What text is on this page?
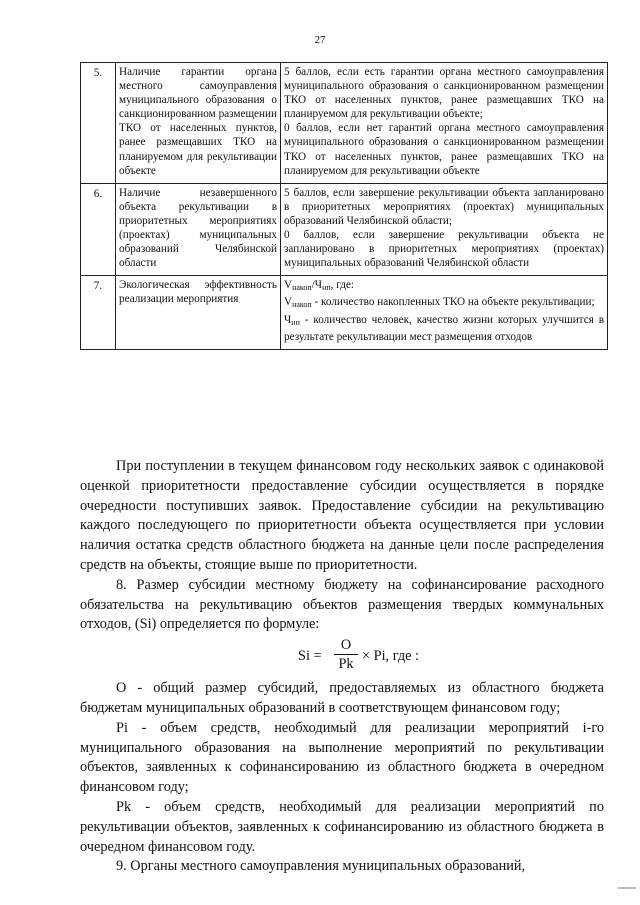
27
5.	Наличие гарантии органа местного самоуправления муниципального образования о санкционированном размещении ТКО от населенных пунктов, ранее размещавших ТКО на планируемом для рекультивации объекте	5 баллов, если есть гарантии органа местного самоуправления муниципального образования о санкционированном размещении ТКО от населенных пунктов, ранее размещавших ТКО на планируемом для рекультивации объекте;

0 баллов, если нет гарантий органа местного самоуправления муниципального образования о санкционированном размещении ТКО от населенных пунктов, ранее размещавших ТКО на планируемом для рекультивации объекте

6.	Наличие незавершенного объекта рекультивации в приоритетных мероприятиях (проектах) муниципальных образований Челябинской области	5 баллов, если завершение рекультивации объекта запланировано в приоритетных мероприятиях (проектах) муниципальных образований Челябинской области;

0 баллов, если завершение рекультивации объекта не запланировано в приоритетных мероприятиях (проектах) муниципальных образований Челябинской области

7.	Экологическая эффективность реализации мероприятия	$V_{накоп}/Ч_{нп}$, где:

$V_{накоп}$ - количество накопленных ТКО на объекте рекультивации;

$Ч_{нп}$ - количество человек, качество жизни которых улучшится в результате рекультивации мест размещения отходов

При поступлении в текущем финансовом году нескольких заявок с одинаковой оценкой приоритетности предоставление субсидии осуществляется в порядке очередности поступивших заявок. Предоставление субсидии на рекультивацию каждого последующего по приоритетности объекта осуществляется при условии наличия остатка средств областного бюджета на данные цели после распределения средств на объекты, стоящие выше по приоритетности.

8. Размер субсидии местному бюджету на софинансирование расходного обязательства на рекультивацию объектов размещения твердых коммунальных отходов, (Si) определяется по формуле:

$Si = \frac{O}{Pk} \times Pi$, где :

O - общий размер субсидий, предоставляемых из областного бюджета бюджетам муниципальных образований в соответствующем финансовом году;

Pi - объем средств, необходимый для реализации мероприятий i-го муниципального образования на выполнение мероприятий по рекультивации объектов, заявленных к софинансированию из областного бюджета в очередном финансовом году;

Pk - объем средств, необходимый для реализации мероприятий по рекультивации объектов, заявленных к софинансированию из областного бюджета в очередном финансовом году.

9. Органы местного самоуправления муниципальных образований,
